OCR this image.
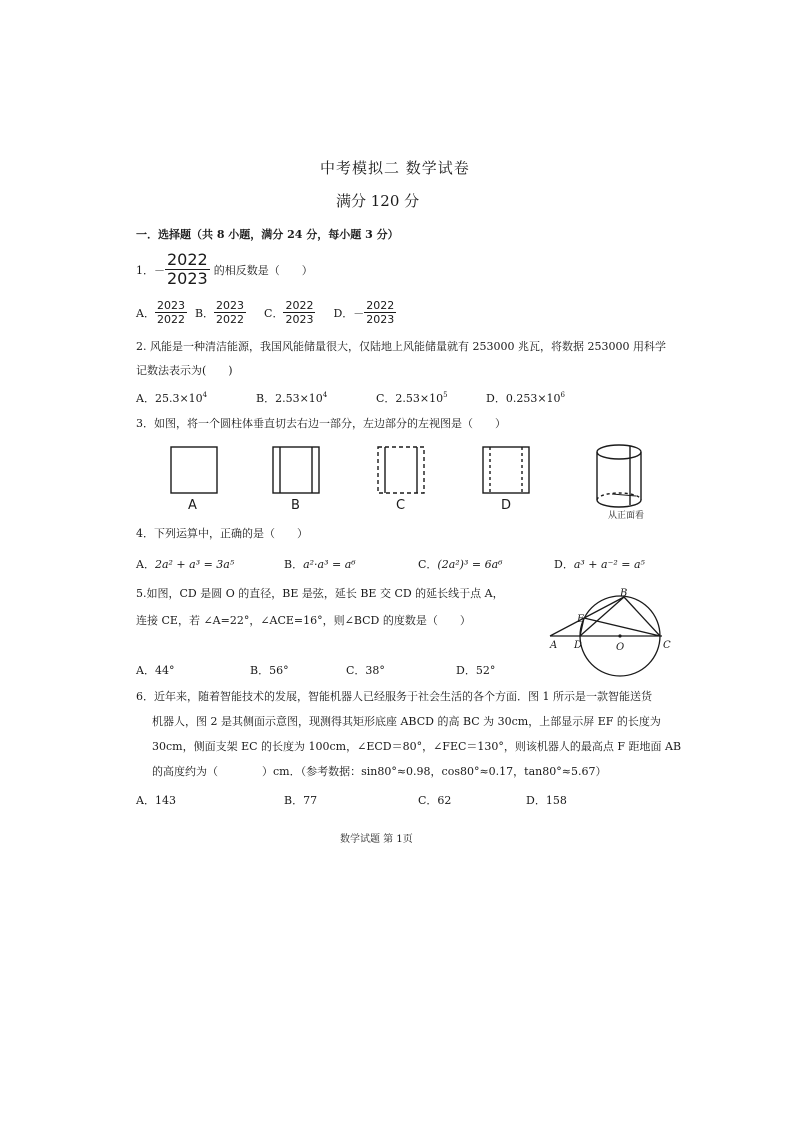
中考模拟二 数学试卷
满分 120 分
一．选择题（共 8 小题，满分 24 分，每小题 3 分）
1． － $\frac{2022}{2023}$ 的相反数是（　　）
A． $\frac{2023}{2022}$ B． $\frac{2023}{2022}$ C． $\frac{2022}{2023}$ D． － $\frac{2022}{2023}$
2. 风能是一种清洁能源，我国风能储量很大，仅陆地上风能储量就有 253000 兆瓦，将数据 253000 用科学
记数法表示为(　　)
A．$25.3\times 10^4$	B．$2.53\times 10^4$	C．$2.53\times 10^5$	D．$0.253\times 10^6$
3．如图，将一个圆柱体垂直切去右边一部分，左边部分的左视图是（　　）
A	B	C	D
从正面看
4．下列运算中，正确的是（　　）
A．2a² + a³ = 3a⁵	B．a²·a³ = a⁶	C．(2a²)³ = 6a⁶	D．a³ + a⁻² = a⁵
5.如图，CD 是圆 O 的直径，BE 是弦，延长 BE 交 CD 的延长线于点 A，
连接 CE，若 ∠A=22°，∠ACE=16°，则∠BCD 的度数是（　　）
A．44°	B．56°	C．38°	D．52°
B
E
A D	O	C
6．近年来，随着智能技术的发展，智能机器人已经服务于社会生活的各个方面．图 1 所示是一款智能送货
机器人，图 2 是其侧面示意图，现测得其矩形底座 ABCD 的高 BC 为 30cm，上部显示屏 EF 的长度为
30cm，侧面支架 EC 的长度为 100cm，∠ECD＝80°，∠FEC＝130°，则该机器人的最高点 F 距地面 AB
的高度约为（　　　　）cm．（参考数据：sin80°≈0.98，cos80°≈0.17，tan80°≈5.67）
A．143	B．77	C．62	D．158
数学试题 第 1页
